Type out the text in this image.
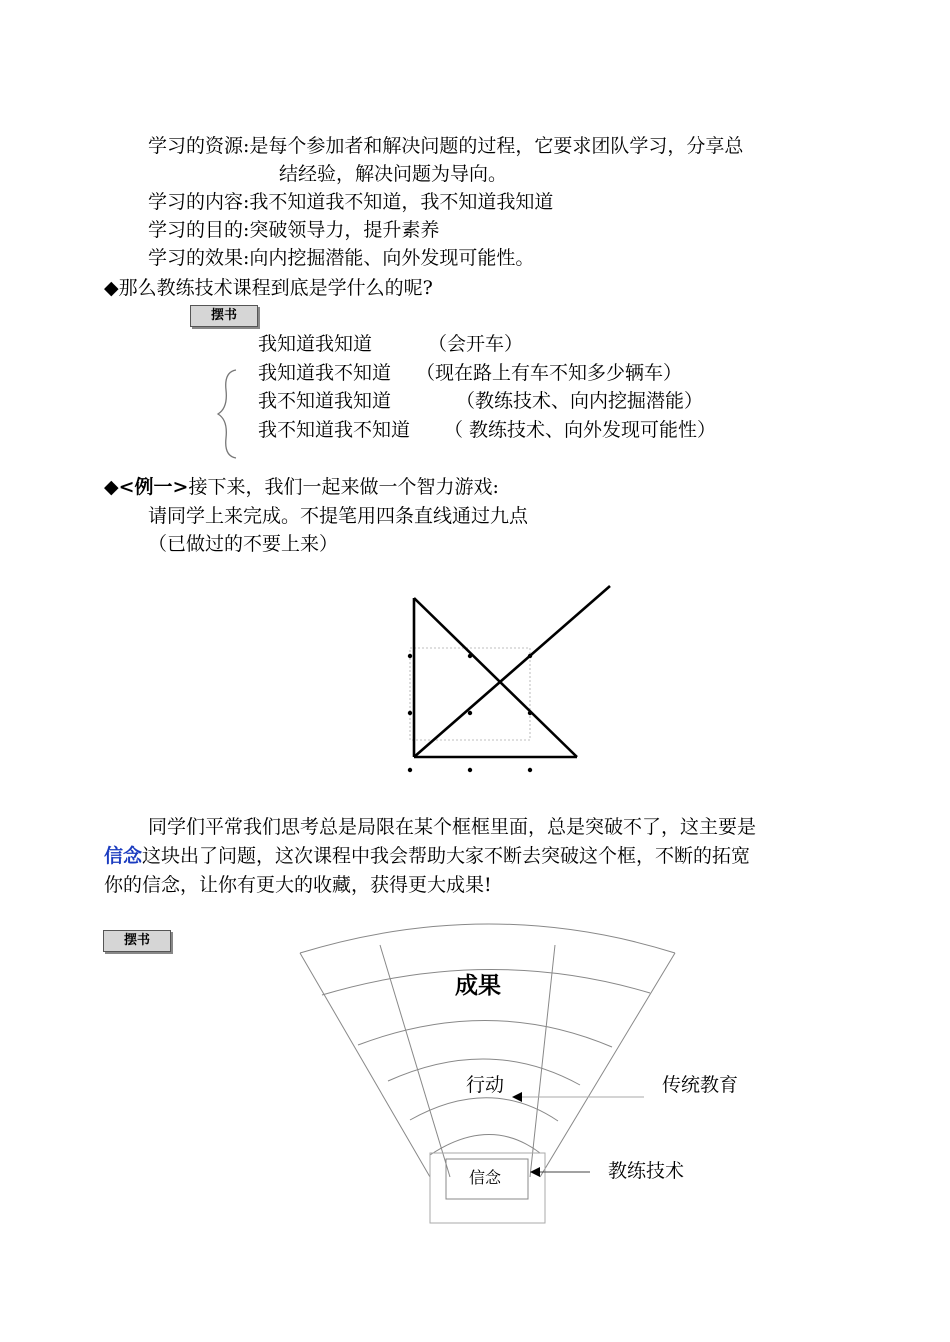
学习的资源:是每个参加者和解决问题的过程，它要求团队学习，分享总
结经验，解决问题为导向。
学习的内容:我不知道我不知道，我不知道我知道
学习的目的:突破领导力，提升素养
学习的效果:向内挖掘潜能、向外发现可能性。
◆那么教练技术课程到底是学什么的呢?
摆书
我知道我知道	（会开车）
我知道我不知道 （现在路上有车不知多少辆车）
我不知道我知道	（教练技术、向内挖掘潜能）
我不知道我不知道 （ 教练技术、向外发现可能性）
◆<例一>接下来，我们一起来做一个智力游戏:
请同学上来完成。不提笔用四条直线通过九点
（已做过的不要上来）
同学们平常我们思考总是局限在某个框框里面，总是突破不了，这主要是
信念这块出了问题，这次课程中我会帮助大家不断去突破这个框，不断的拓宽
你的信念，让你有更大的收藏，获得更大成果!
摆书
成果
行动
信念
传统教育
教练技术
